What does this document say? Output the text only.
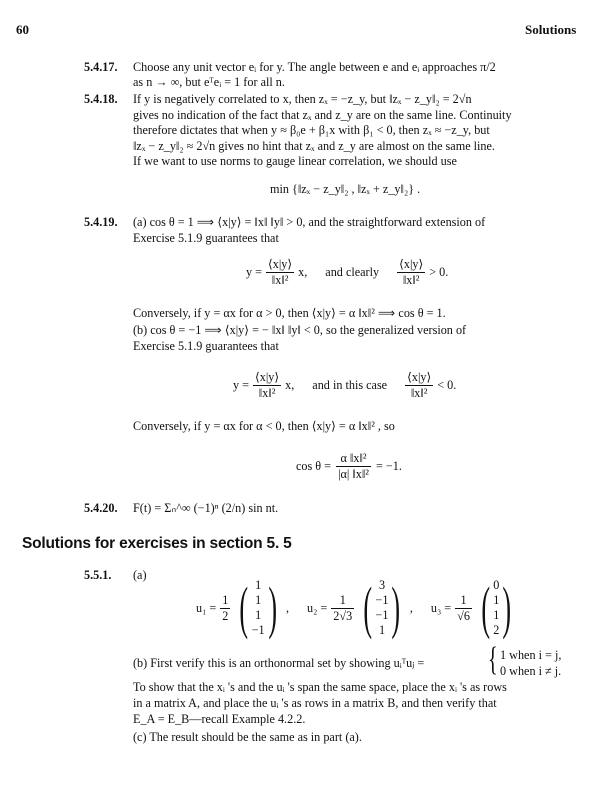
60	Solutions
5.4.17. Choose any unit vector eᵢ for y. The angle between e and eᵢ approaches π/2
as n → ∞, but eᵀeᵢ = 1 for all n.
5.4.18. If y is negatively correlated to x, then zₓ = −z_y, but ‖zₓ − z_y‖₂ = 2√n
gives no indication of the fact that zₓ and z_y are on the same line. Continuity
therefore dictates that when y ≈ β₀e + β₁x with β₁ < 0, then zₓ ≈ −z_y, but
‖zₓ − z_y‖₂ ≈ 2√n gives no hint that zₓ and z_y are almost on the same line.
If we want to use norms to gauge linear correlation, we should use
min {‖zₓ − z_y‖₂ , ‖zₓ + z_y‖₂} .
5.4.19. (a) cos θ = 1 ⟹ ⟨x|y⟩ = ‖x‖ ‖y‖ > 0, and the straightforward extension of
Exercise 5.1.9 guarantees that
$y = \frac{⟨x|y⟩}{\text{‖x‖²}} x$, and clearly $\frac{⟨x|y⟩}{\text{‖x‖²}} > 0$.
Conversely, if y = αx for α > 0, then ⟨x|y⟩ = α ‖x‖² ⟹ cos θ = 1.
(b) cos θ = −1 ⟹ ⟨x|y⟩ = − ‖x‖ ‖y‖ < 0, so the generalized version of
Exercise 5.1.9 guarantees that
$y = \frac{⟨x|y⟩}{\text{‖x‖²}} x$, and in this case $\frac{⟨x|y⟩}{\text{‖x‖²}} < 0$.
Conversely, if y = αx for α < 0, then ⟨x|y⟩ = α ‖x‖² , so
$\cos \theta = \frac{\text{α ‖x‖²}}{\text{|α| ‖x‖²}} = -1$.
5.4.20. F(t) = Σₙ^∞ (−1)ⁿ (2/n) sin nt.
Solutions for exercises in section 5. 5
5.5.1. (a)
$u_1 = \frac{1}{2}$ ( 1
1
1
−1 ) , $u_2 = \frac{1}{2√3}$ ( 3
−1
−1
1 ) , $u_3 = \frac{1}{√6}$ ( 0
1
1
2 )
(b) First verify this is an orthonormal set by showing uᵢᵀuⱼ = { 1 when i = j,
0 when i ≠ j.
To show that the xᵢ 's and the uᵢ 's span the same space, place the xᵢ 's as rows
in a matrix A, and place the uᵢ 's as rows in a matrix B, and then verify that
E_A = E_B—recall Example 4.2.2.
(c) The result should be the same as in part (a).
